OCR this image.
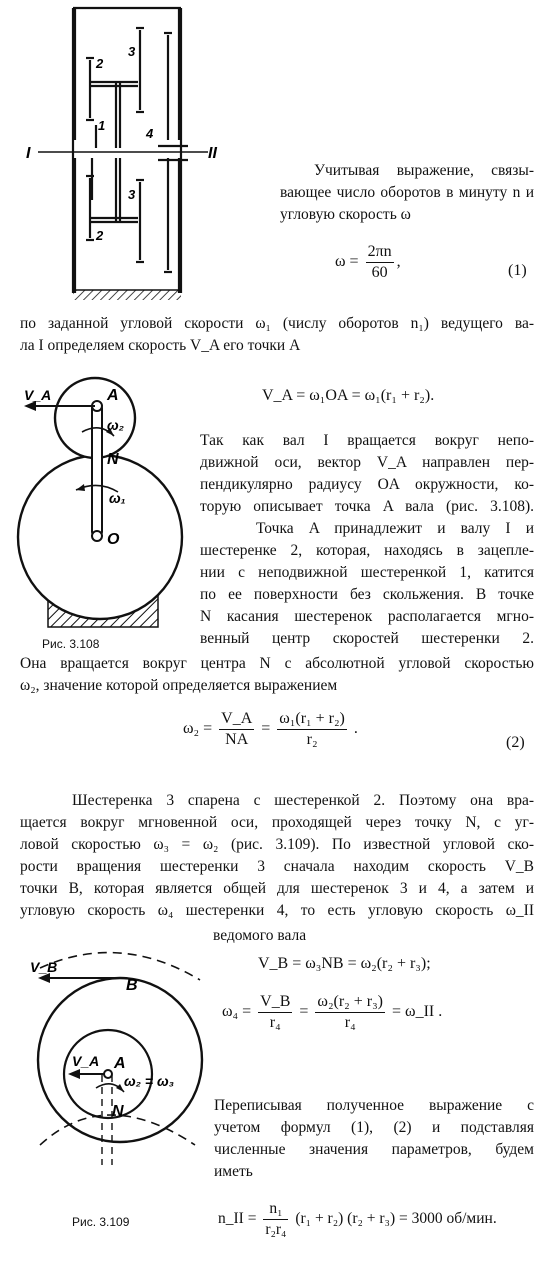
I	II
1
2
2
3
3
4
Учитывая выражение, связы-
вающее число оборотов в минуту n и
угловую скорость ω
$\omega = \frac{2\pi n}{60}$ ,
(1)
по заданной угловой скорости ω₁ (числу оборотов n₁) ведущего ва-
ла I определяем скорость V_A его точки A
V_A	A
ω₂
N
ω₁
O
Рис. 3.108
V_A = ω₁OA = ω₁(r₁ + r₂).
Так как вал I вращается вокруг непо-
движной оси, вектор V_A направлен пер-
пендикулярно радиусу OA окружности, ко-
торую описывает точка A вала (рис. 3.108).
Точка A принадлежит и валу I и
шестеренке 2, которая, находясь в зацепле-
нии с неподвижной шестеренкой 1, катится
по ее поверхности без скольжения. В точке
N касания шестеренок располагается мгно-
венный центр скоростей шестеренки 2.
Она вращается вокруг центра N с абсолютной угловой скоростью
ω₂, значение которой определяется выражением
$\omega_2 = \frac{V\_A}{NA} = \frac{\text{ω₁(r₁ + r₂)}}{\text{r₂}}$ .
(2)
Шестеренка 3 спарена с шестеренкой 2. Поэтому она вра-
щается вокруг мгновенной оси, проходящей через точку N, с уг-
ловой скоростью ω₃ = ω₂ (рис. 3.109). По известной угловой ско-
рости вращения шестеренки 3 сначала находим скорость V_B
точки B, которая является общей для шестеренок 3 и 4, а затем и
угловую скорость ω₄ шестеренки 4, то есть угловую скорость ω_II
ведомого вала
V_B
B
V_A A
ω₂ = ω₃
N
Рис. 3.109
V_B = ω₃NB = ω₂(r₂ + r₃);
$\omega_4 = \frac{V\_B}{\text{r₄}} = \frac{\text{ω₂(r₂ + r₃)}}{\text{r₄}}$ = ω_II .
Переписывая полученное выражение с
учетом формул (1), (2) и подставляя
численные значения параметров, будем
иметь
n_II = $\frac{\text{n₁}}{\text{r₂r₄}} (r_1 + r_2) (r_2 + r_3) = 3000$ об/мин.
